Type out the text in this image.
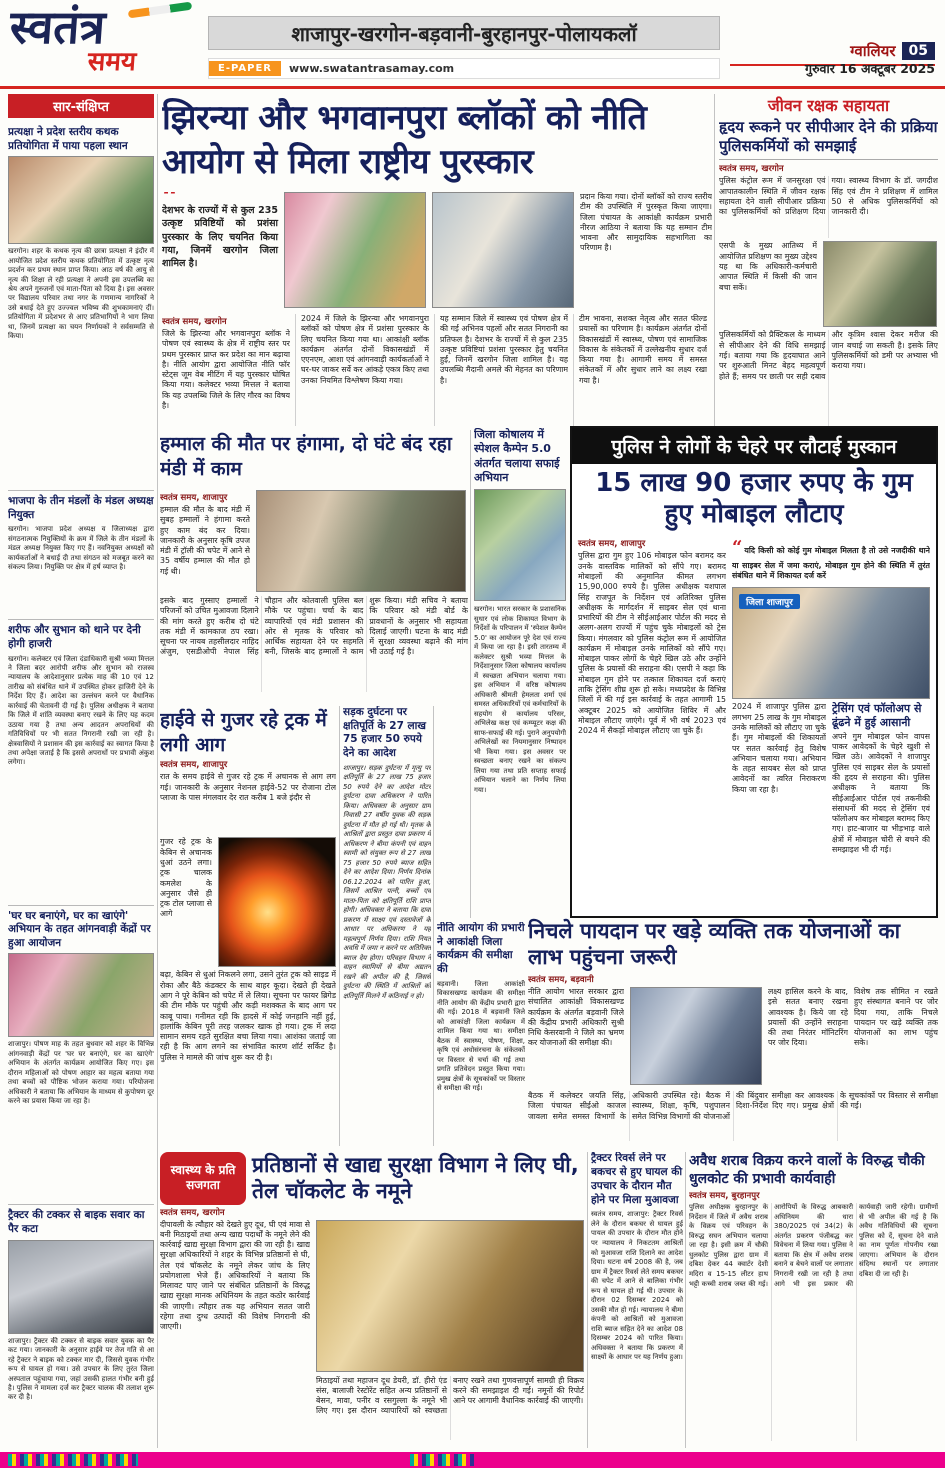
स्वतंत्र
समय
शाजापुर-खरगोन-बड़वानी-बुरहानपुर-पोलायकलॉ
ग्वालियर 05
E-PAPER	www.swatantrasamay.com	गुरुवार 16 अक्टूबर 2025
सार-संक्षिप्त
प्रत्यक्षा ने प्रदेश स्तरीय कथक प्रतियोगिता में पाया पहला स्थान
खरगोन। शहर के कथक नृत्य की छात्रा प्रत्यक्षा ने इंदौर में आयोजित प्रदेश स्तरीय कथक प्रतियोगिता में उत्कृष्ट नृत्य प्रदर्शन कर प्रथम स्थान प्राप्त किया। आठ वर्ष की आयु से नृत्य की शिक्षा ले रही प्रत्यक्षा ने अपनी इस उपलब्धि का श्रेय अपने गुरुजनों एवं माता-पिता को दिया है। इस अवसर पर विद्यालय परिवार तथा नगर के गणमान्य नागरिकों ने उसे बधाई देते हुए उज्ज्वल भविष्य की शुभकामनाएं दीं। प्रतियोगिता में प्रदेशभर से आए प्रतिभागियों ने भाग लिया था, जिनमें प्रत्यक्षा का चयन निर्णायकों ने सर्वसम्मति से किया।
भाजपा के तीन मंडलों के मंडल अध्यक्ष नियुक्त
खरगोन। भाजपा प्रदेश अध्यक्ष व जिलाध्यक्ष द्वारा संगठनात्मक नियुक्तियों के क्रम में जिले के तीन मंडलों के मंडल अध्यक्ष नियुक्त किए गए हैं। नवनियुक्त अध्यक्षों को कार्यकर्ताओं ने बधाई दी तथा संगठन को मजबूत करने का संकल्प लिया। नियुक्ति पर क्षेत्र में हर्ष व्याप्त है।
शरीफ और सुभान को थाने पर देनी होगी हाजरी
खरगोन। कलेक्टर एवं जिला दंडाधिकारी सुश्री भव्या मित्तल ने जिला बदर आरोपी शरीफ और सुभान को राजस्व न्यायालय के आदेशानुसार प्रत्येक माह की 10 एवं 12 तारीख को संबंधित थाने में उपस्थित होकर हाजिरी देने के निर्देश दिए हैं। आदेश का उल्लंघन करने पर वैधानिक कार्रवाई की चेतावनी दी गई है। पुलिस अधीक्षक ने बताया कि जिले में शांति व्यवस्था बनाए रखने के लिए यह कदम उठाया गया है तथा अन्य आदतन अपराधियों की गतिविधियों पर भी सतत निगरानी रखी जा रही है। क्षेत्रवासियों ने प्रशासन की इस कार्रवाई का स्वागत किया है तथा अपेक्षा जताई है कि इससे अपराधों पर प्रभावी अंकुश लगेगा।
'घर घर बनाएंगे, घर का खाएंगे' अभियान के तहत आंगनवाड़ी केंद्रों पर हुआ आयोजन
शाजापुर। पोषण माह के तहत बुधवार को शहर के विभिन्न आंगनवाड़ी केंद्रों पर 'घर घर बनाएंगे, घर का खाएंगे' अभियान के अंतर्गत कार्यक्रम आयोजित किए गए। इस दौरान महिलाओं को पोषण आहार का महत्व बताया गया तथा बच्चों को पौष्टिक भोजन कराया गया। परियोजना अधिकारी ने बताया कि अभियान के माध्यम से कुपोषण दूर करने का प्रयास किया जा रहा है।
ट्रैक्टर की टक्कर से बाइक सवार का पैर कटा
शाजापुर। ट्रैक्टर की टक्कर से बाइक सवार युवक का पैर कट गया। जानकारी के अनुसार हाईवे पर तेज गति से आ रहे ट्रैक्टर ने बाइक को टक्कर मार दी, जिससे युवक गंभीर रूप से घायल हो गया। उसे उपचार के लिए तुरंत जिला अस्पताल पहुंचाया गया, जहां उसकी हालत गंभीर बनी हुई है। पुलिस ने मामला दर्ज कर ट्रैक्टर चालक की तलाश शुरू कर दी है।
झिरन्या और भगवानपुरा ब्लॉकों को नीति आयोग से मिला राष्ट्रीय पुरस्कार
“ देशभर के राज्यों में से कुल 235 उत्कृष्ट प्रविष्टियों को प्रशंसा पुरस्कार के लिए चयनित किया गया, जिनमें खरगोन जिला शामिल है।
प्रदान किया गया। दोनों ब्लॉकों को राज्य स्तरीय टीम की उपस्थिति में पुरस्कृत किया जाएगा। जिला पंचायत के आकांक्षी कार्यक्रम प्रभारी नीरज आठिया ने बताया कि यह सम्मान टीम भावना और सामुदायिक सहभागिता का परिणाम है।
स्वतंत्र समय, खरगोन
जिले के झिरन्या और भगवानपुरा ब्लॉक ने पोषण एवं स्वास्थ्य के क्षेत्र में राष्ट्रीय स्तर पर प्रथम पुरस्कार प्राप्त कर प्रदेश का मान बढ़ाया है। नीति आयोग द्वारा आयोजित नीति फॉर स्टेट्स जूम वेब मीटिंग में यह पुरस्कार घोषित किया गया। कलेक्टर भव्या मित्तल ने बताया कि यह उपलब्धि जिले के लिए गौरव का विषय है।
2024 में जिले के झिरन्या और भगवानपुरा ब्लॉकों को पोषण क्षेत्र में प्रशंसा पुरस्कार के लिए चयनित किया गया था। आकांक्षी ब्लॉक कार्यक्रम अंतर्गत दोनों विकासखंडों में एएनएम, आशा एवं आंगनवाड़ी कार्यकर्ताओं ने घर-घर जाकर सर्वे कर आंकड़े एकत्र किए तथा उनका नियमित विश्लेषण किया गया।
यह सम्मान जिले में स्वास्थ्य एवं पोषण क्षेत्र में की गई अभिनव पहलों और सतत निगरानी का प्रतिफल है। देशभर के राज्यों में से कुल 235 उत्कृष्ट प्रविष्टियां प्रशंसा पुरस्कार हेतु चयनित हुईं, जिनमें खरगोन जिला शामिल है। यह उपलब्धि मैदानी अमले की मेहनत का परिणाम है।
टीम भावना, सशक्त नेतृत्व और सतत फील्ड प्रयासों का परिणाम है। कार्यक्रम अंतर्गत दोनों विकासखंडों में स्वास्थ्य, पोषण एवं सामाजिक विकास के संकेतकों में उल्लेखनीय सुधार दर्ज किया गया है। आगामी समय में समस्त संकेतकों में और सुधार लाने का लक्ष्य रखा गया है।
जीवन रक्षक सहायता
हृदय रूकने पर सीपीआर देने की प्रक्रिया पुलिसकर्मियों को समझाई
स्वतंत्र समय, खरगोन
पुलिस कंट्रोल रूम में जनसुरक्षा एवं आपातकालीन स्थिति में जीवन रक्षक सहायता देने वाली सीपीआर प्रक्रिया का पुलिसकर्मियों को प्रशिक्षण दिया गया। स्वास्थ्य विभाग के डॉ. जगदीश सिंह एवं टीम ने प्रशिक्षण में शामिल 50 से अधिक पुलिसकर्मियों को जानकारी दी।
एसपी के मुख्य आतिथ्य में आयोजित प्रशिक्षण का मुख्य उद्देश्य यह था कि अधिकारी-कर्मचारी आपात स्थिति में किसी की जान बचा सकें।
पुलिसकर्मियों को प्रैक्टिकल के माध्यम से सीपीआर देने की विधि समझाई गई। बताया गया कि हृदयाघात आने पर शुरुआती मिनट बेहद महत्वपूर्ण होते हैं; समय पर छाती पर सही दबाव और कृत्रिम श्वास देकर मरीज की जान बचाई जा सकती है। इसके लिए पुलिसकर्मियों को डमी पर अभ्यास भी कराया गया।
हम्माल की मौत पर हंगामा, दो घंटे बंद रहा मंडी में काम
स्वतंत्र समय, शाजापुर
हम्माल की मौत के बाद मंडी में सुबह हम्मालों ने हंगामा करते हुए काम बंद कर दिया। जानकारी के अनुसार कृषि उपज मंडी में ट्रॉली की चपेट में आने से 35 वर्षीय हम्माल की मौत हो गई थी।
इसके बाद गुस्साए हम्मालों ने परिजनों को उचित मुआवजा दिलाने की मांग करते हुए करीब दो घंटे तक मंडी में कामकाज ठप रखा। सूचना पर नायब तहसीलदार नाहिद अंजुम, एसडीओपी नेपाल सिंह चौहान और कोतवाली पुलिस बल मौके पर पहुंचा। चर्चा के बाद व्यापारियों एवं मंडी प्रशासन की ओर से मृतक के परिवार को आर्थिक सहायता देने पर सहमति बनी, जिसके बाद हम्मालों ने काम शुरू किया। मंडी सचिव ने बताया कि परिवार को मंडी बोर्ड के प्रावधानों के अनुसार भी सहायता दिलाई जाएगी। घटना के बाद मंडी में सुरक्षा व्यवस्था बढ़ाने की मांग भी उठाई गई है।
जिला कोषालय में स्पेशल कैम्पेन 5.0 अंतर्गत चलाया सफाई अभियान
खरगोन। भारत सरकार के प्रशासनिक सुधार एवं लोक शिकायत विभाग के निर्देशों के परिपालन में 'स्पेशल कैम्पेन 5.0' का आयोजन पूरे देश एवं राज्य में किया जा रहा है। इसी तारतम्य में कलेक्टर सुश्री भव्या मित्तल के निर्देशानुसार जिला कोषालय कार्यालय में स्वच्छता अभियान चलाया गया। इस अभियान में वरिष्ठ कोषालय अधिकारी श्रीमती हेमलता शर्मा एवं समस्त अधिकारियों एवं कर्मचारियों के सहयोग से कार्यालय परिसर, अभिलेख कक्ष एवं कम्प्यूटर कक्ष की साफ-सफाई की गई। पुराने अनुपयोगी अभिलेखों का नियमानुसार निष्पादन भी किया गया। इस अवसर पर स्वच्छता बनाए रखने का संकल्प लिया गया तथा प्रति सप्ताह सफाई अभियान चलाने का निर्णय लिया गया।
पुलिस ने लोगों के चेहरे पर लौटाई मुस्कान
15 लाख 90 हजार रुपए के गुम हुए मोबाइल लौटाए
स्वतंत्र समय, शाजापुर
पुलिस द्वारा गुम हुए 106 मोबाइल फोन बरामद कर उनके वास्तविक मालिकों को सौंपे गए। बरामद मोबाइलों की अनुमानित कीमत लगभग 15,90,000 रुपये है। पुलिस अधीक्षक यशपाल सिंह राजपूत के निर्देशन एवं अतिरिक्त पुलिस अधीक्षक के मार्गदर्शन में साइबर सेल एवं थाना प्रभारियों की टीम ने सीईआईआर पोर्टल की मदद से अलग-अलग राज्यों में पहुंच चुके मोबाइलों को ट्रेस किया। मंगलवार को पुलिस कंट्रोल रूम में आयोजित कार्यक्रम में मोबाइल उनके मालिकों को सौंपे गए। मोबाइल पाकर लोगों के चेहरे खिल उठे और उन्होंने पुलिस के प्रयासों की सराहना की। एसपी ने कहा कि मोबाइल गुम होने पर तत्काल शिकायत दर्ज कराएं ताकि ट्रेसिंग शीघ्र शुरू हो सके। मध्यप्रदेश के विभिन्न जिलों में की गई इस कार्रवाई के तहत आगामी 15 अक्टूबर 2025 को आयोजित शिविर में और मोबाइल लौटाए जाएंगे। पूर्व में भी वर्ष 2023 एवं 2024 में सैकड़ों मोबाइल लौटाए जा चुके हैं।
“ यदि किसी को कोई गुम मोबाइल मिलता है तो उसे नजदीकी थाने या साइबर सेल में जमा कराएं, मोबाइल गुम होने की स्थिति में तुरंत संबंधित थाने में शिकायत दर्ज करें
जिला शाजापुर
2024 में शाजापुर पुलिस द्वारा लगभग 25 लाख के गुम मोबाइल उनके मालिकों को लौटाए जा चुके हैं। गुम मोबाइलों की शिकायतों पर सतत कार्रवाई हेतु विशेष अभियान चलाया गया। अभियान के तहत सायबर सेल को प्राप्त आवेदनों का त्वरित निराकरण किया जा रहा है।
ट्रेसिंग एवं फॉलोअप से ढूंढने में हुई आसानी
अपने गुम मोबाइल फोन वापस पाकर आवेदकों के चेहरे खुशी से खिल उठे। आवेदकों ने शाजापुर पुलिस एवं साइबर सेल के प्रयासों की हृदय से सराहना की। पुलिस अधीक्षक ने बताया कि सीईआईआर पोर्टल एवं तकनीकी संसाधनों की मदद से ट्रेसिंग एवं फॉलोअप कर मोबाइल बरामद किए गए। हाट-बाजार या भीड़भाड़ वाले क्षेत्रों में मोबाइल चोरी से बचने की समझाइश भी दी गई।
हाईवे से गुजर रहे ट्रक में लगी आग
स्वतंत्र समय, शाजापुर
रात के समय हाईवे से गुजर रहे ट्रक में अचानक से आग लग गई। जानकारी के अनुसार नेशनल हाईवे-52 पर रोजाना टोल प्लाजा के पास मंगलवार देर रात करीब 1 बजे इंदौर से
गुजर रहे ट्रक के केबिन से अचानक धुआं उठने लगा। ट्रक चालक कमलेश के अनुसार जैसे ही ट्रक टोल प्लाजा से आगे
बढ़ा, केबिन से धुआं निकलने लगा, उसने तुरंत ट्रक को साइड में रोका और बैठे कंडक्टर के साथ बाहर कूदा। देखते ही देखते आग ने पूरे केबिन को चपेट में ले लिया। सूचना पर फायर ब्रिगेड की टीम मौके पर पहुंची और कड़ी मशक्कत के बाद आग पर काबू पाया। गनीमत रही कि हादसे में कोई जनहानि नहीं हुई, हालांकि केबिन पूरी तरह जलकर खाक हो गया। ट्रक में लदा सामान समय रहते सुरक्षित बचा लिया गया। आशंका जताई जा रही है कि आग लगने का संभावित कारण शॉर्ट सर्किट है। पुलिस ने मामले की जांच शुरू कर दी है।
सड़क दुर्घटना पर क्षतिपूर्ति के 27 लाख 75 हजार 50 रुपये देने का आदेश
शाजापुर। सड़क दुर्घटना में मृत्यु पर क्षतिपूर्ति के 27 लाख 75 हजार 50 रुपये देने का आदेश मोटर दुर्घटना दावा अधिकरण ने पारित किया। अधिवक्ता के अनुसार ग्राम निवासी 27 वर्षीय युवक की सड़क दुर्घटना में मौत हो गई थी। मृतक के आश्रितों द्वारा प्रस्तुत दावा प्रकरण में अधिकरण ने बीमा कंपनी एवं वाहन स्वामी को संयुक्त रूप से 27 लाख 75 हजार 50 रुपये ब्याज सहित देने का आदेश दिया। निर्णय दिनांक 06.12.2024 को पारित हुआ, जिसमें आश्रित पत्नी, बच्चों एवं माता-पिता को क्षतिपूर्ति राशि प्राप्त होगी। अधिवक्ता ने बताया कि दावा प्रकरण में साक्ष्य एवं दस्तावेजों के आधार पर अधिकरण ने यह महत्वपूर्ण निर्णय दिया। राशि नियत अवधि में जमा न करने पर अतिरिक्त ब्याज देय होगा। परिवहन विभाग ने वाहन स्वामियों से बीमा अद्यतन रखने की अपील की है, जिससे दुर्घटना की स्थिति में आश्रितों को क्षतिपूर्ति मिलने में कठिनाई न हो।
नीति आयोग की प्रभारी ने आकांक्षी जिला कार्यक्रम की समीक्षा की
बड़वानी। जिला आकांक्षी विकासखण्ड कार्यक्रम की समीक्षा नीति आयोग की केंद्रीय प्रभारी द्वारा की गई। 2018 में बड़वानी जिले को आकांक्षी जिला कार्यक्रम में शामिल किया गया था। समीक्षा बैठक में स्वास्थ्य, पोषण, शिक्षा, कृषि एवं अधोसंरचना के संकेतकों पर विस्तार से चर्चा की गई तथा प्रगति प्रतिवेदन प्रस्तुत किया गया। प्रमुख क्षेत्रों के सूचकांकों पर विस्तार से समीक्षा की गई।
निचले पायदान पर खड़े व्यक्ति तक योजनाओं का लाभ पहुंचना जरूरी
स्वतंत्र समय, बड़वानी
नीति आयोग भारत सरकार द्वारा संचालित आकांक्षी विकासखण्ड कार्यक्रम के अंतर्गत बड़वानी जिले की केंद्रीय प्रभारी अधिकारी सुश्री निधि केसरवानी ने जिले का भ्रमण कर योजनाओं की समीक्षा की।
लक्ष्य हासिल करने के बाद, इसे सतत बनाए रखना आवश्यक है। किये जा रहे प्रयासों की उन्होंने सराहना की तथा निरंतर मॉनिटरिंग पर जोर दिया।
विशेष तक सीमित न रखते हुए संस्थागत बनाने पर जोर दिया गया, ताकि निचले पायदान पर खड़े व्यक्ति तक योजनाओं का लाभ पहुंच सके।
बैठक में कलेक्टर जयति सिंह, जिला पंचायत सीईओ काजल जावला समेत समस्त विभागों के अधिकारी उपस्थित रहे। बैठक में स्वास्थ्य, शिक्षा, कृषि, पशुपालन समेत विभिन्न विभागों की योजनाओं की बिंदुवार समीक्षा कर आवश्यक दिशा-निर्देश दिए गए। प्रमुख क्षेत्रों के सूचकांकों पर विस्तार से समीक्षा की गई।
स्वास्थ्य के प्रति सजगता
प्रतिष्ठानों से खाद्य सुरक्षा विभाग ने लिए घी, तेल चॉकलेट के नमूने
स्वतंत्र समय, खरगोन
दीपावली के त्यौहार को देखते हुए दूध, घी एवं मावा से बनी मिठाइयों तथा अन्य खाद्य पदार्थों के नमूने लेने की कार्रवाई खाद्य सुरक्षा विभाग द्वारा की जा रही है। खाद्य सुरक्षा अधिकारियों ने शहर के विभिन्न प्रतिष्ठानों से घी, तेल एवं चॉकलेट के नमूने लेकर जांच के लिए प्रयोगशाला भेजे हैं। अधिकारियों ने बताया कि मिलावट पाए जाने पर संबंधित प्रतिष्ठानों के विरुद्ध खाद्य सुरक्षा मानक अधिनियम के तहत कठोर कार्रवाई की जाएगी। त्यौहार तक यह अभियान सतत जारी रहेगा तथा दुग्ध उत्पादों की विशेष निगरानी की जाएगी।
मिठाइयों तथा महाजन दूध डेयरी, डॉ. हीरो एंड संस, बालाजी रेस्टोरेंट सहित अन्य प्रतिष्ठानों से बेसन, मावा, पनीर व रसगुल्ला के नमूने भी लिए गए। इस दौरान व्यापारियों को स्वच्छता बनाए रखने तथा गुणवत्तापूर्ण सामग्री ही विक्रय करने की समझाइश दी गई। नमूनों की रिपोर्ट आने पर आगामी वैधानिक कार्रवाई की जाएगी।
ट्रैक्टर रिवर्स लेने पर बकचर से हुए घायल की उपचार के दौरान मौत होने पर मिला मुआवजा
स्वतंत्र समय, शाजापुर: ट्रैक्टर रिवर्स लेने के दौरान बकचर से घायल हुई पायल की उपचार के दौरान मौत होने पर न्यायालय ने निकटतम आश्रितों को मुआवजा राशि दिलाने का आदेश दिया। घटना वर्ष 2008 की है, जब ग्राम में ट्रैक्टर रिवर्स लेते समय बकचर की चपेट में आने से बालिका गंभीर रूप से घायल हो गई थी। उपचार के दौरान 02 दिसम्बर 2024 को उसकी मौत हो गई। न्यायालय ने बीमा कंपनी को आश्रितों को मुआवजा राशि ब्याज सहित देने का आदेश 08 दिसम्बर 2024 को पारित किया। अधिवक्ता ने बताया कि प्रकरण में साक्ष्यों के आधार पर यह निर्णय हुआ।
अवैध शराब विक्रय करने वालों के विरुद्ध चौकी धुलकोट की प्रभावी कार्यवाही
स्वतंत्र समय, बुरहानपुर
पुलिस अधीक्षक बुरहानपुर के निर्देशन में जिले में अवैध शराब के विक्रय एवं परिवहन के विरुद्ध सघन अभियान चलाया जा रहा है। इसी क्रम में चौकी धुलकोट पुलिस द्वारा ग्राम में दबिश देकर 44 क्वार्टर देशी मदिरा व 15-15 लीटर हाथ भट्टी कच्ची शराब जब्त की गई। आरोपियों के विरुद्ध आबकारी अधिनियम की धारा 380/2025 एवं 34(2) के अंतर्गत प्रकरण पंजीबद्ध कर विवेचना में लिया गया। पुलिस ने बताया कि क्षेत्र में अवैध शराब बनाने व बेचने वालों पर लगातार निगरानी रखी जा रही है तथा आगे भी इस प्रकार की कार्यवाही जारी रहेगी। ग्रामीणों से भी अपील की गई है कि अवैध गतिविधियों की सूचना पुलिस को दें, सूचना देने वाले का नाम पूर्णतः गोपनीय रखा जाएगा। अभियान के दौरान संदिग्ध स्थानों पर लगातार दबिश दी जा रही है।
